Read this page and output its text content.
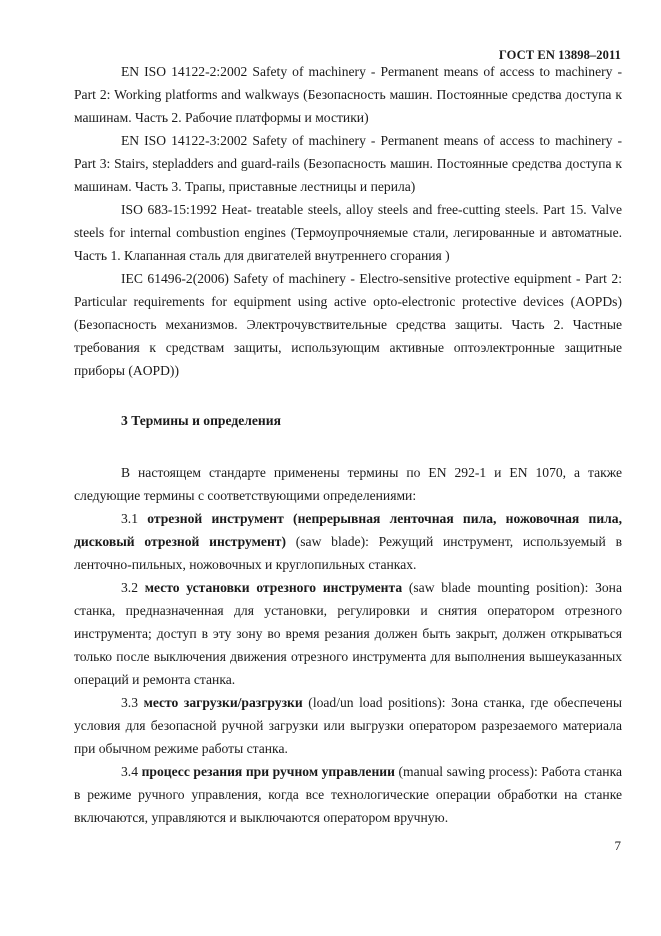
ГОСТ EN 13898–2011

EN ISO 14122-2:2002 Safety of machinery - Permanent means of access to machinery - Part 2: Working platforms and walkways (Безопасность машин. Постоянные средства доступа к машинам. Часть 2. Рабочие платформы и мостики)

EN ISO 14122-3:2002 Safety of machinery - Permanent means of access to machinery - Part 3: Stairs, stepladders and guard-rails (Безопасность машин. Постоянные средства доступа к машинам. Часть 3. Трапы, приставные лестницы и перила)

ISO 683-15:1992 Heat- treatable steels, alloy steels and free-cutting steels. Part 15. Valve steels for internal combustion engines (Термоупрочняемые стали, легированные и автоматные. Часть 1. Клапанная сталь для двигателей внутреннего сгорания )

IEC 61496-2(2006) Safety of machinery - Electro-sensitive protective equipment - Part 2: Particular requirements for equipment using active opto-electronic protective devices (AOPDs) (Безопасность механизмов. Электрочувствительные средства защиты. Часть 2. Частные требования к средствам защиты, использующим активные оптоэлектронные защитные приборы (AOPD))

3 Термины и определения

В настоящем стандарте применены термины по EN 292-1 и EN 1070, а также следующие термины с соответствующими определениями:

3.1 отрезной инструмент (непрерывная ленточная пила, ножовочная пила, дисковый отрезной инструмент) (saw blade): Режущий инструмент, используемый в ленточно-пильных, ножовочных и круглопильных станках.

3.2 место установки отрезного инструмента (saw blade mounting position): Зона станка, предназначенная для установки, регулировки и снятия оператором отрезного инструмента; доступ в эту зону во время резания должен быть закрыт, должен открываться только после выключения движения отрезного инструмента для выполнения вышеуказанных операций и ремонта станка.

3.3 место загрузки/разгрузки (load/un load positions): Зона станка, где обеспечены условия для безопасной ручной загрузки или выгрузки оператором разрезаемого материала при обычном режиме работы станка.

3.4 процесс резания при ручном управлении (manual sawing process): Работа станка в режиме ручного управления, когда все технологические операции обработки на станке включаются, управляются и выключаются оператором вручную.

7
